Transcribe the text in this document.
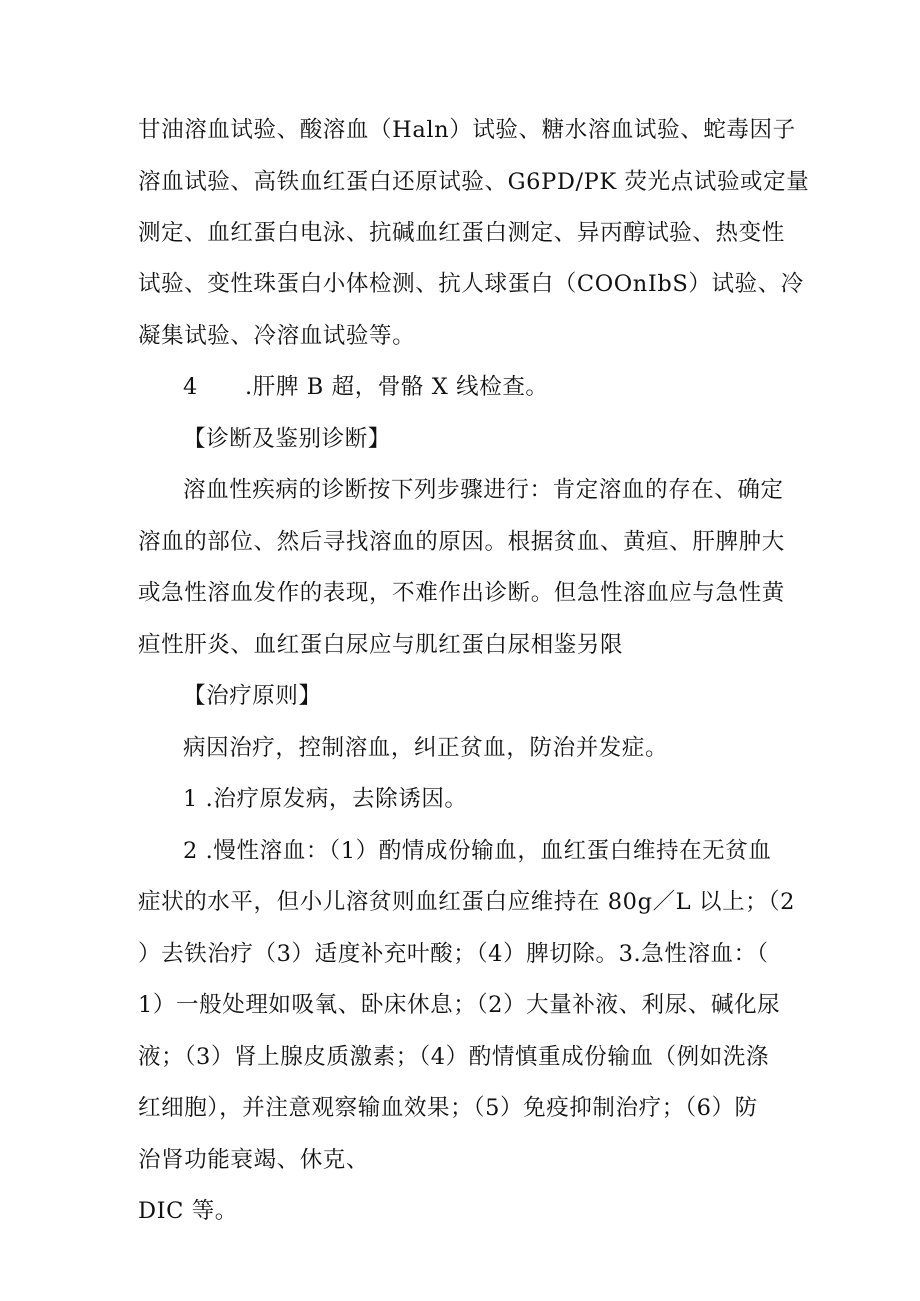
甘油溶血试验、酸溶血（Haln）试验、糖水溶血试验、蛇毒因子
溶血试验、高铁血红蛋白还原试验、G6PD/PK 荧光点试验或定量
测定、血红蛋白电泳、抗碱血红蛋白测定、异丙醇试验、热变性
试验、变性珠蛋白小体检测、抗人球蛋白（COOnIbS）试验、冷
凝集试验、冷溶血试验等。
4 .肝脾 B 超，骨骼 X 线检查。
【诊断及鉴别诊断】
溶血性疾病的诊断按下列步骤进行：肯定溶血的存在、确定
溶血的部位、然后寻找溶血的原因。根据贫血、黄疸、肝脾肿大
或急性溶血发作的表现，不难作出诊断。但急性溶血应与急性黄
疸性肝炎、血红蛋白尿应与肌红蛋白尿相鉴另限
【治疗原则】
病因治疗，控制溶血，纠正贫血，防治并发症。
1 .治疗原发病，去除诱因。
2 .慢性溶血：（1）酌情成份输血，血红蛋白维持在无贫血
症状的水平，但小儿溶贫则血红蛋白应维持在 80g／L 以上；（2
）去铁治疗（3）适度补充叶酸；（4）脾切除。3.急性溶血：（
1）一般处理如吸氧、卧床休息；（2）大量补液、利尿、碱化尿
液；（3）肾上腺皮质激素；（4）酌情慎重成份输血（例如洗涤
红细胞），并注意观察输血效果；（5）免疫抑制治疗；（6）防
治肾功能衰竭、休克、
DIC 等。
